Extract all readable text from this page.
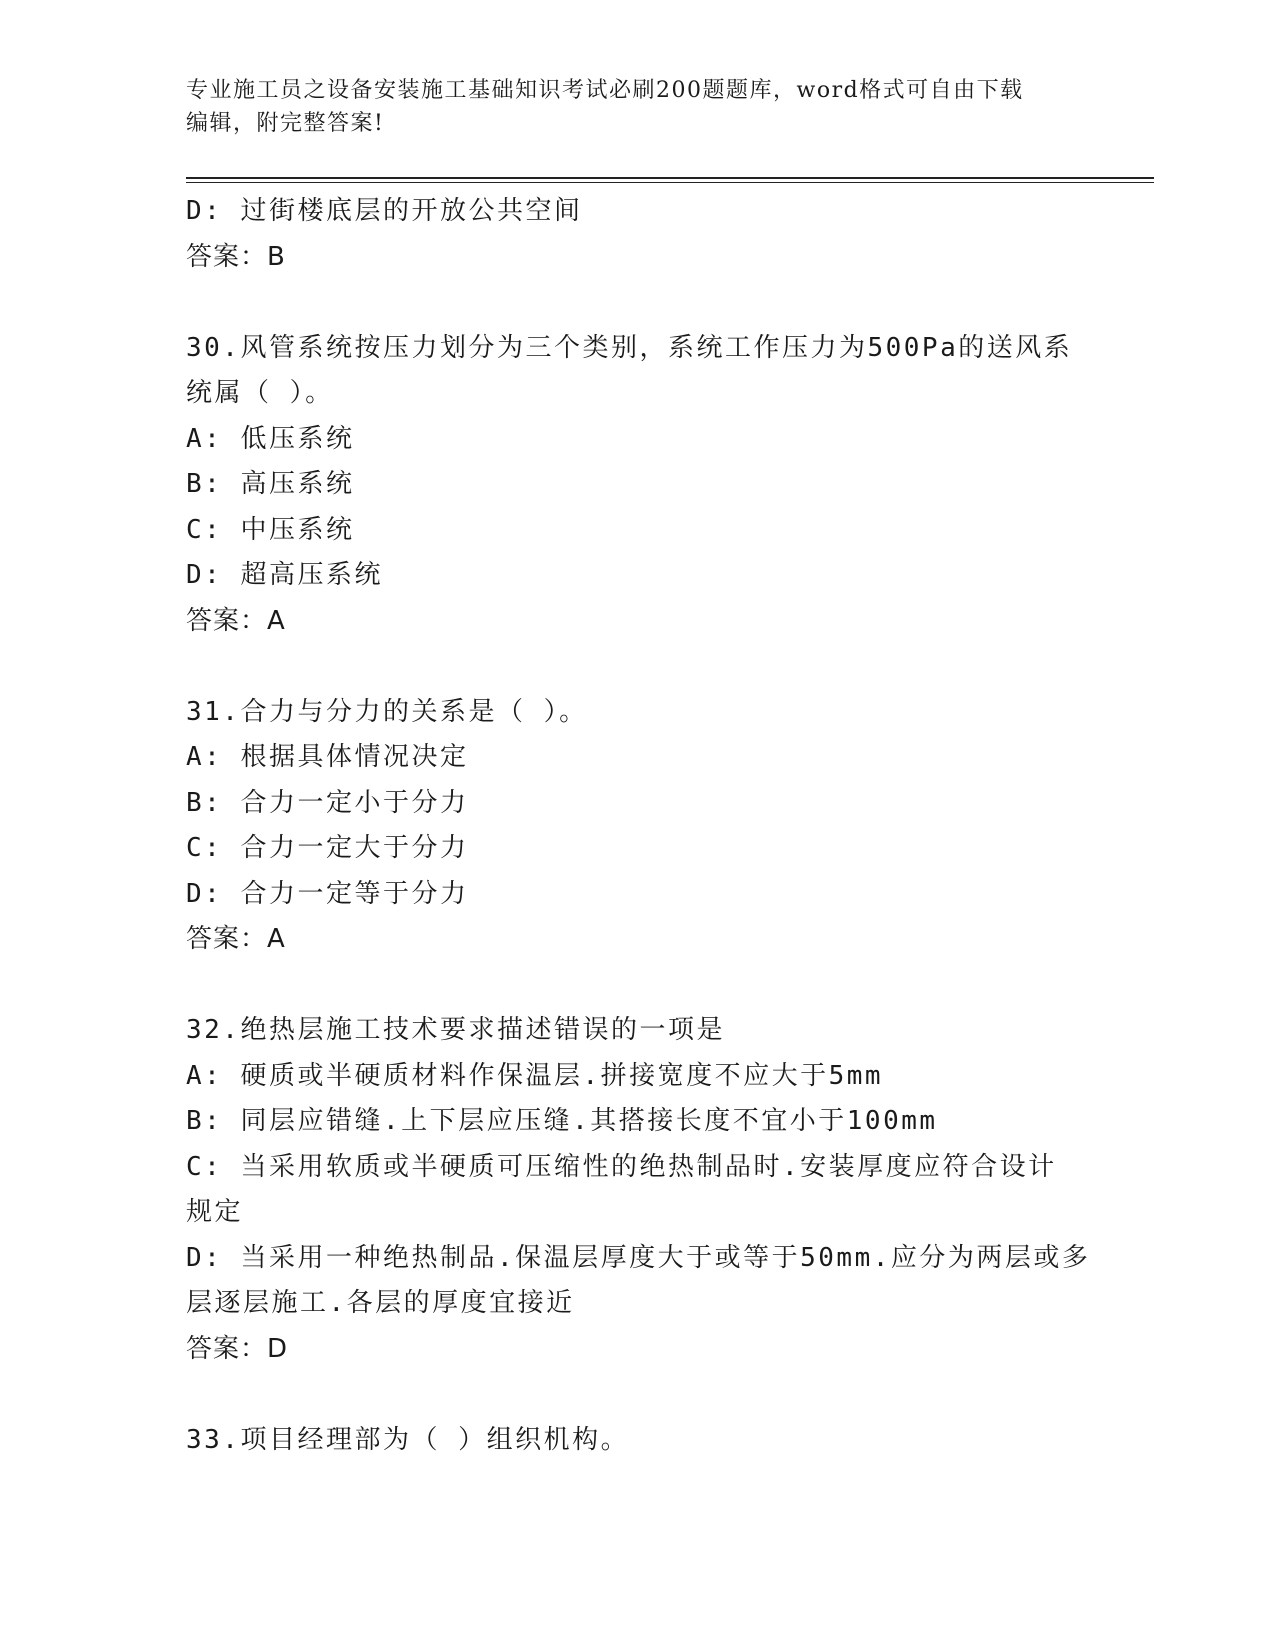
专业施工员之设备安装施工基础知识考试必刷200题题库，word格式可自由下载
编辑，附完整答案!
D: 过街楼底层的开放公共空间
答案：B
30.风管系统按压力划分为三个类别，系统工作压力为500Pa的送风系
统属（ ）。
A: 低压系统
B: 高压系统
C: 中压系统
D: 超高压系统
答案：A
31.合力与分力的关系是（ ）。
A: 根据具体情况决定
B: 合力一定小于分力
C: 合力一定大于分力
D: 合力一定等于分力
答案：A
32.绝热层施工技术要求描述错误的一项是
A: 硬质或半硬质材料作保温层.拼接宽度不应大于5mm
B: 同层应错缝.上下层应压缝.其搭接长度不宜小于100mm
C: 当采用软质或半硬质可压缩性的绝热制品时.安装厚度应符合设计
规定
D: 当采用一种绝热制品.保温层厚度大于或等于50mm.应分为两层或多
层逐层施工.各层的厚度宜接近
答案：D
33.项目经理部为（ ）组织机构。
